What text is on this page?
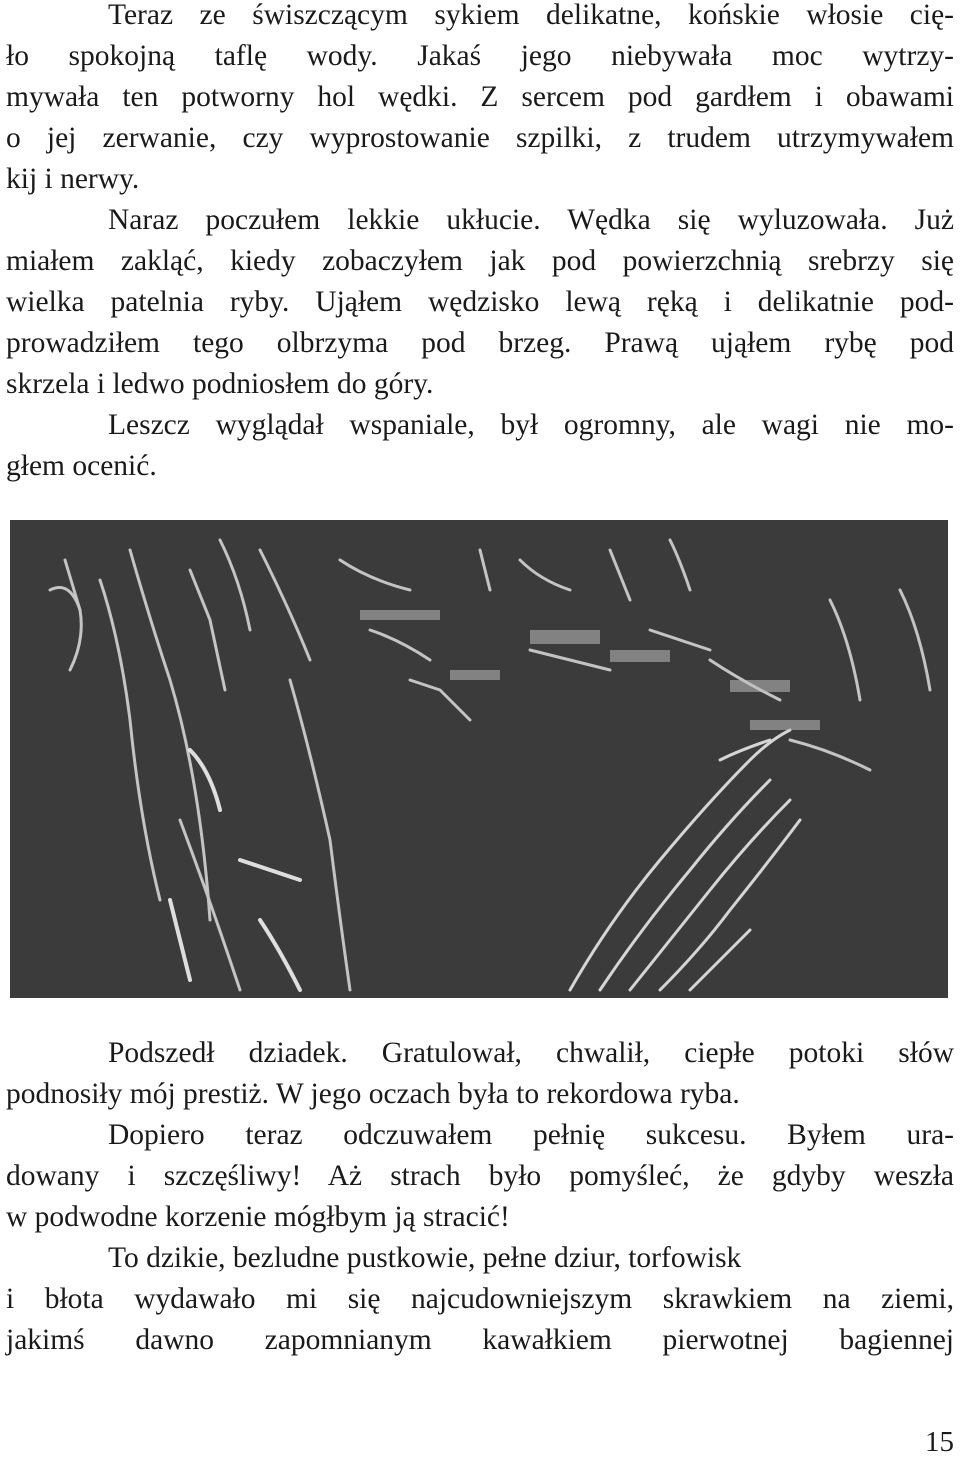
Teraz ze świszczącym sykiem delikatne, końskie włosie cię-
ło spokojną taflę wody. Jakaś jego niebywała moc wytrzy-
mywała ten potworny hol wędki. Z sercem pod gardłem i obawami
o jej zerwanie, czy wyprostowanie szpilki, z trudem utrzymywałem
kij i nerwy.
Naraz poczułem lekkie ukłucie. Wędka się wyluzowała. Już
miałem zakląć, kiedy zobaczyłem jak pod powierzchnią srebrzy się
wielka patelnia ryby. Ująłem wędzisko lewą ręką i delikatnie pod-
prowadziłem tego olbrzyma pod brzeg. Prawą ująłem rybę pod
skrzela i ledwo podniosłem do góry.
Leszcz wyglądał wspaniale, był ogromny, ale wagi nie mo-
głem ocenić.
Podszedł dziadek. Gratulował, chwalił, ciepłe potoki słów
podnosiły mój prestiż. W jego oczach była to rekordowa ryba.
Dopiero teraz odczuwałem pełnię sukcesu. Byłem ura-
dowany i szczęśliwy! Aż strach było pomyśleć, że gdyby weszła
w podwodne korzenie mógłbym ją stracić!
To dzikie, bezludne pustkowie, pełne dziur, torfowisk
i błota wydawało mi się najcudowniejszym skrawkiem na ziemi,
jakimś dawno zapomnianym kawałkiem pierwotnej bagiennej
15
